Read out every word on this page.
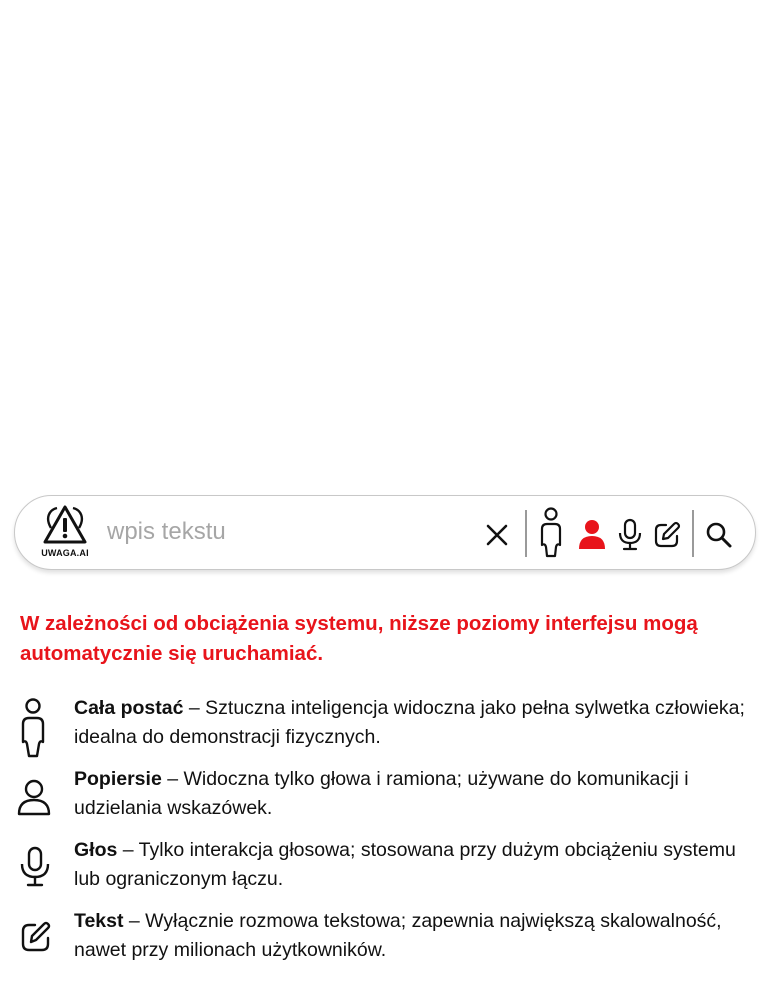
UWAGA.AI
wpis tekstu
W zależności od obciążenia systemu, niższe poziomy interfejsu mogą automatycznie się uruchamiać.
Cała postać – Sztuczna inteligencja widoczna jako pełna sylwetka człowieka; idealna do demonstracji fizycznych.
Popiersie – Widoczna tylko głowa i ramiona; używane do komunikacji i udzielania wskazówek.
Głos – Tylko interakcja głosowa; stosowana przy dużym obciążeniu systemu lub ograniczonym łączu.
Tekst – Wyłącznie rozmowa tekstowa; zapewnia największą skalowalność, nawet przy milionach użytkowników.
